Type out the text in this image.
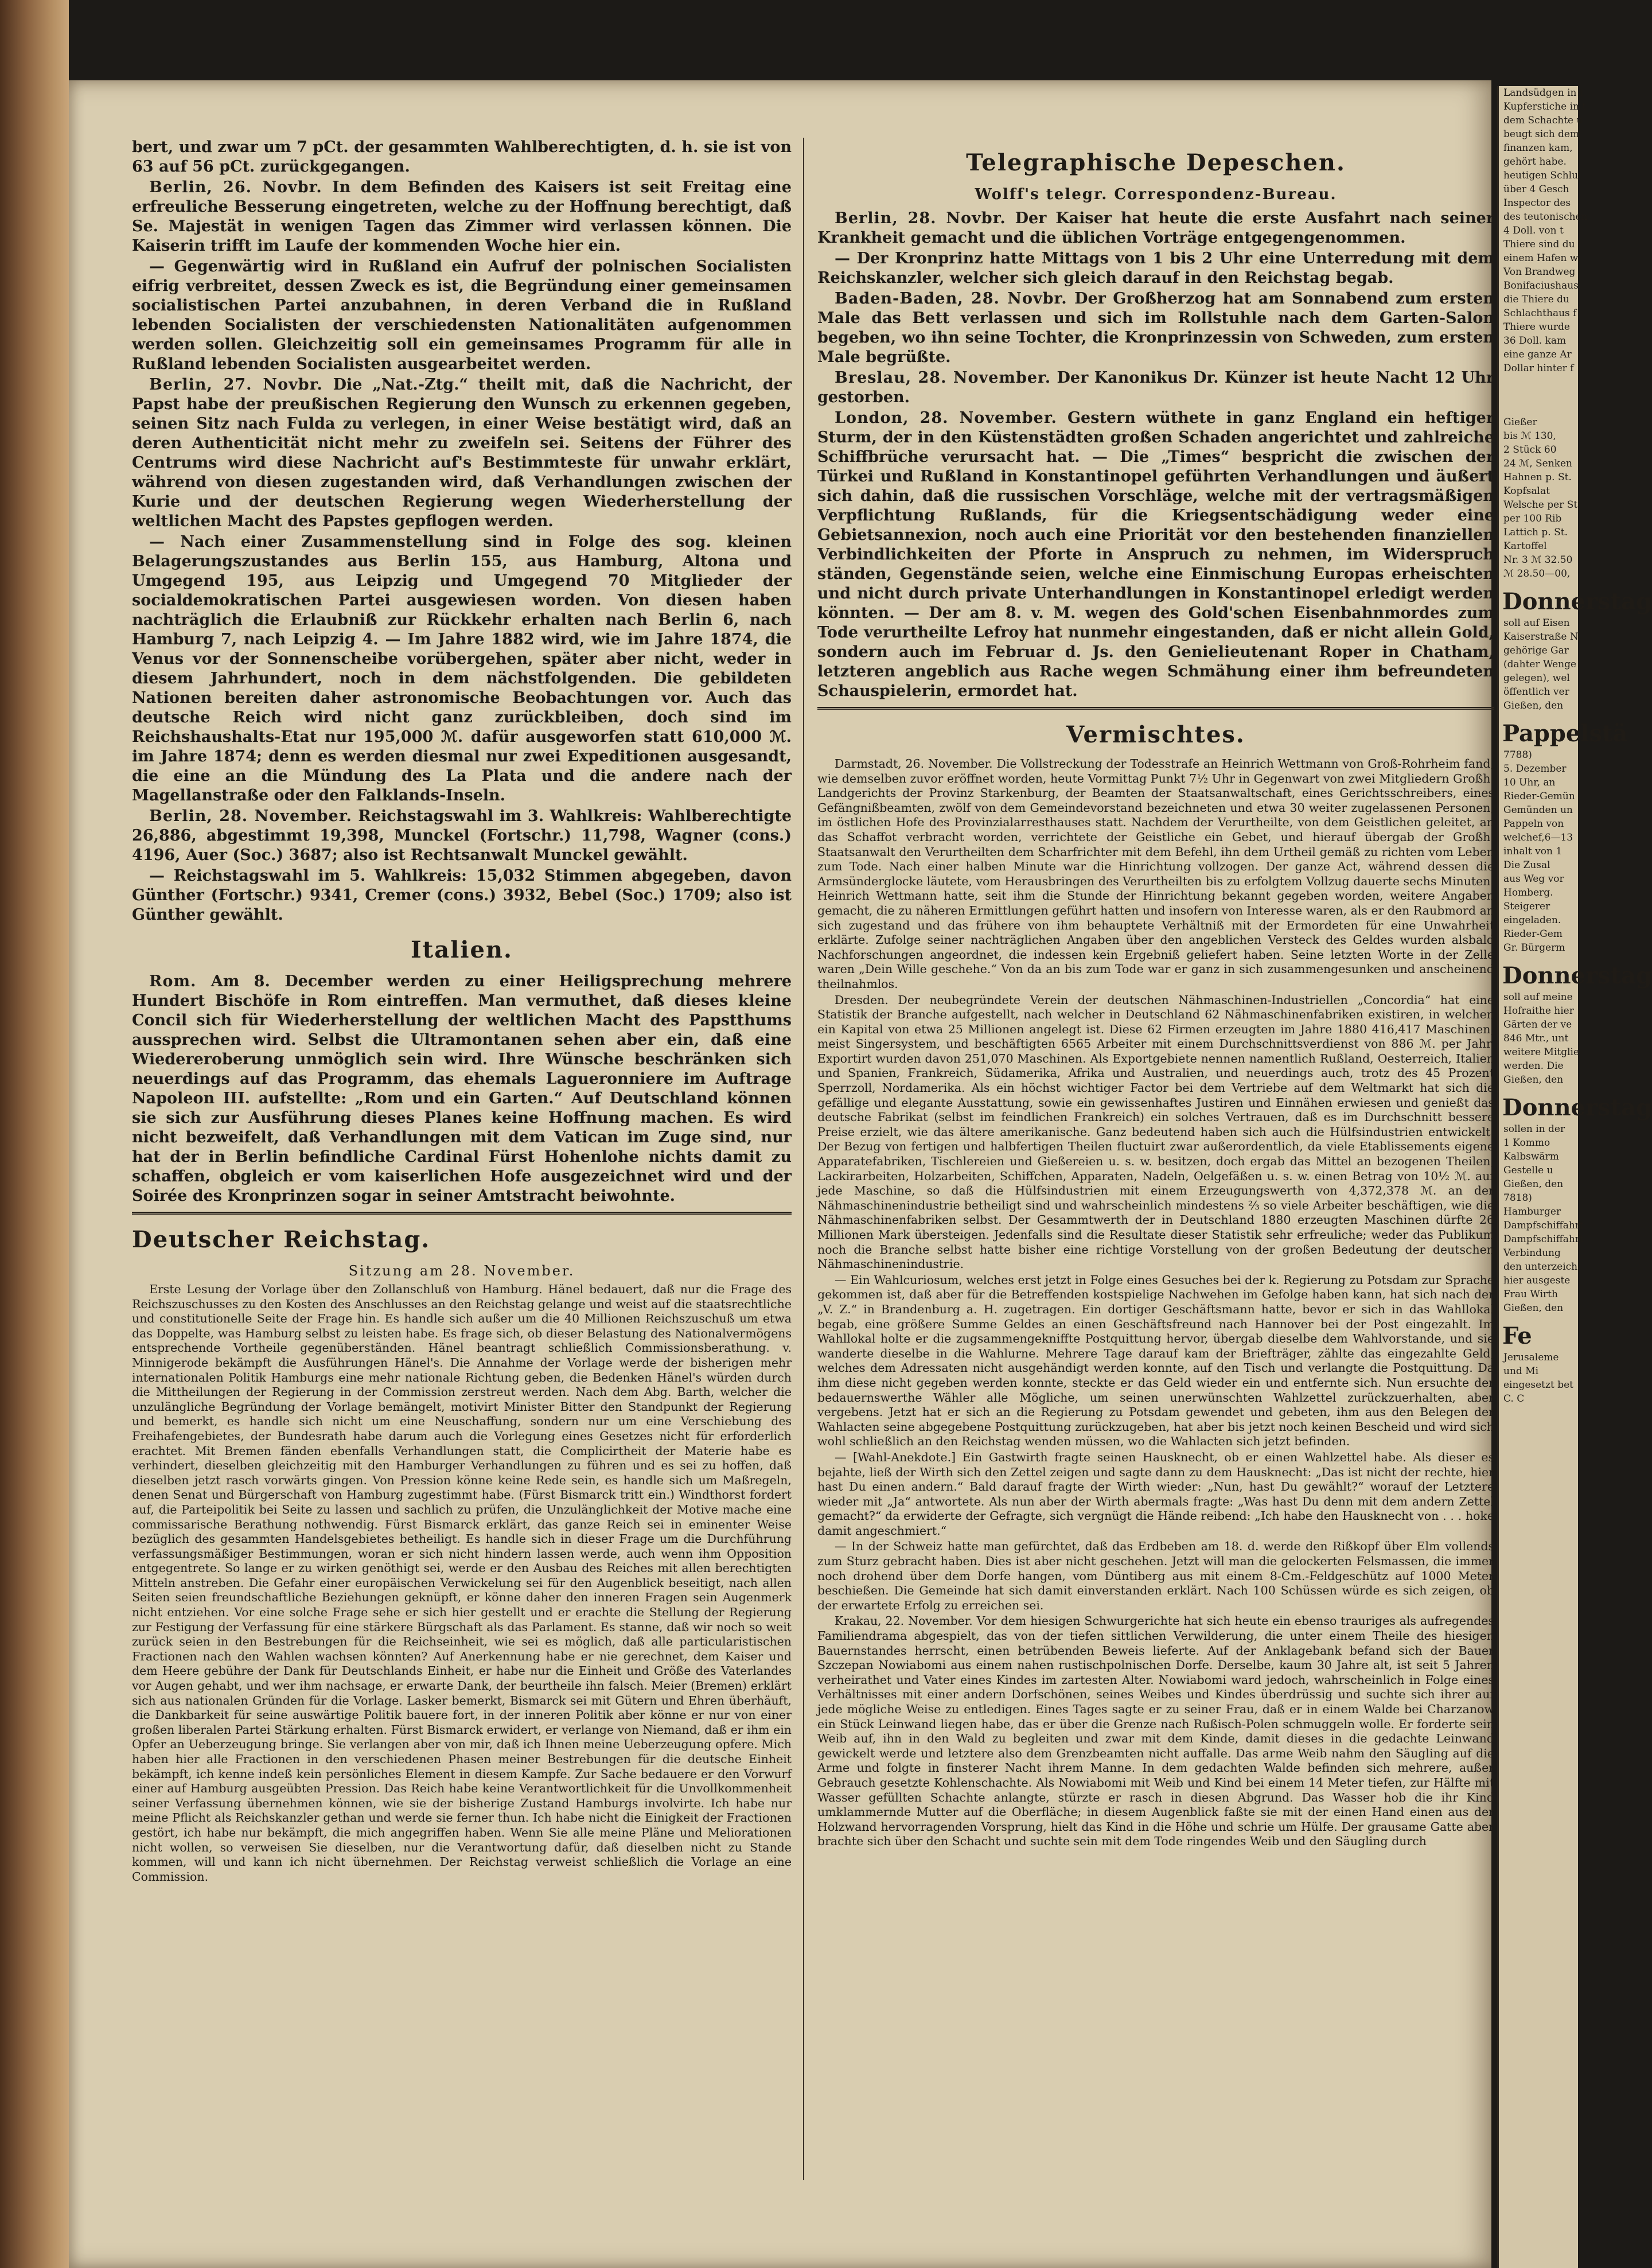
bert, und zwar um 7 pCt. der gesammten Wahlberechtigten, d. h. sie ist von 63 auf 56 pCt. zurückgegangen.

Berlin, 26. Novbr. In dem Befinden des Kaisers ist seit Freitag eine erfreuliche Besserung eingetreten, welche zu der Hoffnung berechtigt, daß Se. Majestät in wenigen Tagen das Zimmer wird verlassen können. Die Kaiserin trifft im Laufe der kommenden Woche hier ein.

— Gegenwärtig wird in Rußland ein Aufruf der polnischen Socialisten eifrig verbreitet, dessen Zweck es ist, die Begründung einer gemeinsamen socialistischen Partei anzubahnen, in deren Verband die in Rußland lebenden Socialisten der verschiedensten Nationalitäten aufgenommen werden sollen. Gleichzeitig soll ein gemeinsames Programm für alle in Rußland lebenden Socialisten ausgearbeitet werden.

Berlin, 27. Novbr. Die „Nat.-Ztg.“ theilt mit, daß die Nachricht, der Papst habe der preußischen Regierung den Wunsch zu erkennen gegeben, seinen Sitz nach Fulda zu verlegen, in einer Weise bestätigt wird, daß an deren Authenticität nicht mehr zu zweifeln sei. Seitens der Führer des Centrums wird diese Nachricht auf's Bestimmteste für unwahr erklärt, während von diesen zugestanden wird, daß Verhandlungen zwischen der Kurie und der deutschen Regierung wegen Wiederherstellung der weltlichen Macht des Papstes gepflogen werden.

— Nach einer Zusammenstellung sind in Folge des sog. kleinen Belagerungszustandes aus Berlin 155, aus Hamburg, Altona und Umgegend 195, aus Leipzig und Umgegend 70 Mitglieder der socialdemokratischen Partei ausgewiesen worden. Von diesen haben nachträglich die Erlaubniß zur Rückkehr erhalten nach Berlin 6, nach Hamburg 7, nach Leipzig 4. — Im Jahre 1882 wird, wie im Jahre 1874, die Venus vor der Sonnenscheibe vorübergehen, später aber nicht, weder in diesem Jahrhundert, noch in dem nächstfolgenden. Die gebildeten Nationen bereiten daher astronomische Beobachtungen vor. Auch das deutsche Reich wird nicht ganz zurückbleiben, doch sind im Reichshaushalts-Etat nur 195,000 ℳ. dafür ausgeworfen statt 610,000 ℳ. im Jahre 1874; denn es werden diesmal nur zwei Expeditionen ausgesandt, die eine an die Mündung des La Plata und die andere nach der Magellanstraße oder den Falklands-Inseln.

Berlin, 28. November. Reichstagswahl im 3. Wahlkreis: Wahlberechtigte 26,886, abgestimmt 19,398, Munckel (Fortschr.) 11,798, Wagner (cons.) 4196, Auer (Soc.) 3687; also ist Rechtsanwalt Munckel gewählt.

— Reichstagswahl im 5. Wahlkreis: 15,032 Stimmen abgegeben, davon Günther (Fortschr.) 9341, Cremer (cons.) 3932, Bebel (Soc.) 1709; also ist Günther gewählt.

Italien.

Rom. Am 8. December werden zu einer Heiligsprechung mehrere Hundert Bischöfe in Rom eintreffen. Man vermuthet, daß dieses kleine Concil sich für Wiederherstellung der weltlichen Macht des Papstthums aussprechen wird. Selbst die Ultramontanen sehen aber ein, daß eine Wiedereroberung unmöglich sein wird. Ihre Wünsche beschränken sich neuerdings auf das Programm, das ehemals Lagueronniere im Auftrage Napoleon III. aufstellte: „Rom und ein Garten.“ Auf Deutschland können sie sich zur Ausführung dieses Planes keine Hoffnung machen. Es wird nicht bezweifelt, daß Verhandlungen mit dem Vatican im Zuge sind, nur hat der in Berlin befindliche Cardinal Fürst Hohenlohe nichts damit zu schaffen, obgleich er vom kaiserlichen Hofe ausgezeichnet wird und der Soirée des Kronprinzen sogar in seiner Amtstracht beiwohnte.

Deutscher Reichstag.
Sitzung am 28. November.

Erste Lesung der Vorlage über den Zollanschluß von Hamburg. Hänel bedauert, daß nur die Frage des Reichszuschusses zu den Kosten des Anschlusses an den Reichstag gelange und weist auf die staatsrechtliche und constitutionelle Seite der Frage hin. Es handle sich außer um die 40 Millionen Reichszuschuß um etwa das Doppelte, was Hamburg selbst zu leisten habe. Es frage sich, ob dieser Belastung des Nationalvermögens entsprechende Vortheile gegenüberständen. Hänel beantragt schließlich Commissionsberathung. v. Minnigerode bekämpft die Ausführungen Hänel's. Die Annahme der Vorlage werde der bisherigen mehr internationalen Politik Hamburgs eine mehr nationale Richtung geben, die Bedenken Hänel's würden durch die Mittheilungen der Regierung in der Commission zerstreut werden. Nach dem Abg. Barth, welcher die unzulängliche Begründung der Vorlage bemängelt, motivirt Minister Bitter den Standpunkt der Regierung und bemerkt, es handle sich nicht um eine Neuschaffung, sondern nur um eine Verschiebung des Freihafengebietes, der Bundesrath habe darum auch die Vorlegung eines Gesetzes nicht für erforderlich erachtet. Mit Bremen fänden ebenfalls Verhandlungen statt, die Complicirtheit der Materie habe es verhindert, dieselben gleichzeitig mit den Hamburger Verhandlungen zu führen und es sei zu hoffen, daß dieselben jetzt rasch vorwärts gingen. Von Pression könne keine Rede sein, es handle sich um Maßregeln, denen Senat und Bürgerschaft von Hamburg zugestimmt habe. (Fürst Bismarck tritt ein.) Windthorst fordert auf, die Parteipolitik bei Seite zu lassen und sachlich zu prüfen, die Unzulänglichkeit der Motive mache eine commissarische Berathung nothwendig. Fürst Bismarck erklärt, das ganze Reich sei in eminenter Weise bezüglich des gesammten Handelsgebietes betheiligt. Es handle sich in dieser Frage um die Durchführung verfassungsmäßiger Bestimmungen, woran er sich nicht hindern lassen werde, auch wenn ihm Opposition entgegentrete. So lange er zu wirken genöthigt sei, werde er den Ausbau des Reiches mit allen berechtigten Mitteln anstreben. Die Gefahr einer europäischen Verwickelung sei für den Augenblick beseitigt, nach allen Seiten seien freundschaftliche Beziehungen geknüpft, er könne daher den inneren Fragen sein Augenmerk nicht entziehen. Vor eine solche Frage sehe er sich hier gestellt und er erachte die Stellung der Regierung zur Festigung der Verfassung für eine stärkere Bürgschaft als das Parlament. Es stanne, daß wir noch so weit zurück seien in den Bestrebungen für die Reichseinheit, wie sei es möglich, daß alle particularistischen Fractionen nach den Wahlen wachsen könnten? Auf Anerkennung habe er nie gerechnet, dem Kaiser und dem Heere gebühre der Dank für Deutschlands Einheit, er habe nur die Einheit und Größe des Vaterlandes vor Augen gehabt, und wer ihm nachsage, er erwarte Dank, der beurtheile ihn falsch. Meier (Bremen) erklärt sich aus nationalen Gründen für die Vorlage. Lasker bemerkt, Bismarck sei mit Gütern und Ehren überhäuft, die Dankbarkeit für seine auswärtige Politik bauere fort, in der inneren Politik aber könne er nur von einer großen liberalen Partei Stärkung erhalten. Fürst Bismarck erwidert, er verlange von Niemand, daß er ihm ein Opfer an Ueberzeugung bringe. Sie verlangen aber von mir, daß ich Ihnen meine Ueberzeugung opfere. Mich haben hier alle Fractionen in den verschiedenen Phasen meiner Bestrebungen für die deutsche Einheit bekämpft, ich kenne indeß kein persönliches Element in diesem Kampfe. Zur Sache bedauere er den Vorwurf einer auf Hamburg ausgeübten Pression. Das Reich habe keine Verantwortlichkeit für die Unvollkommenheit seiner Verfassung übernehmen können, wie sie der bisherige Zustand Hamburgs involvirte. Ich habe nur meine Pflicht als Reichskanzler gethan und werde sie ferner thun. Ich habe nicht die Einigkeit der Fractionen gestört, ich habe nur bekämpft, die mich angegriffen haben. Wenn Sie alle meine Pläne und Meliorationen nicht wollen, so verweisen Sie dieselben, nur die Verantwortung dafür, daß dieselben nicht zu Stande kommen, will und kann ich nicht übernehmen. Der Reichstag verweist schließlich die Vorlage an eine Commission.

Telegraphische Depeschen.
Wolff's telegr. Correspondenz-Bureau.

Berlin, 28. Novbr. Der Kaiser hat heute die erste Ausfahrt nach seiner Krankheit gemacht und die üblichen Vorträge entgegengenommen.

— Der Kronprinz hatte Mittags von 1 bis 2 Uhr eine Unterredung mit dem Reichskanzler, welcher sich gleich darauf in den Reichstag begab.

Baden-Baden, 28. Novbr. Der Großherzog hat am Sonnabend zum ersten Male das Bett verlassen und sich im Rollstuhle nach dem Garten-Salon begeben, wo ihn seine Tochter, die Kronprinzessin von Schweden, zum ersten Male begrüßte.

Breslau, 28. November. Der Kanonikus Dr. Künzer ist heute Nacht 12 Uhr gestorben.

London, 28. November. Gestern wüthete in ganz England ein heftiger Sturm, der in den Küstenstädten großen Schaden angerichtet und zahlreiche Schiffbrüche verursacht hat. — Die „Times“ bespricht die zwischen der Türkei und Rußland in Konstantinopel geführten Verhandlungen und äußert sich dahin, daß die russischen Vorschläge, welche mit der vertragsmäßigen Verpflichtung Rußlands, für die Kriegsentschädigung weder eine Gebietsannexion, noch auch eine Priorität vor den bestehenden finanziellen Verbindlichkeiten der Pforte in Anspruch zu nehmen, im Widerspruch ständen, Gegenstände seien, welche eine Einmischung Europas erheischten und nicht durch private Unterhandlungen in Konstantinopel erledigt werden könnten. — Der am 8. v. M. wegen des Gold'schen Eisenbahnmordes zum Tode verurtheilte Lefroy hat nunmehr eingestanden, daß er nicht allein Gold, sondern auch im Februar d. Js. den Genielieutenant Roper in Chatham, letzteren angeblich aus Rache wegen Schmähung einer ihm befreundeten Schauspielerin, ermordet hat.

Vermischtes.

Darmstadt, 26. November. Die Vollstreckung der Todesstrafe an Heinrich Wettmann von Groß-Rohrheim fand, wie demselben zuvor eröffnet worden, heute Vormittag Punkt 7½ Uhr in Gegenwart von zwei Mitgliedern Großh. Landgerichts der Provinz Starkenburg, der Beamten der Staatsanwaltschaft, eines Gerichtsschreibers, eines Gefängnißbeamten, zwölf von dem Gemeindevorstand bezeichneten und etwa 30 weiter zugelassenen Personen, im östlichen Hofe des Provinzialarresthauses statt. Nachdem der Verurtheilte, von dem Geistlichen geleitet, an das Schaffot verbracht worden, verrichtete der Geistliche ein Gebet, und hierauf übergab der Großh. Staatsanwalt den Verurtheilten dem Scharfrichter mit dem Befehl, ihn dem Urtheil gemäß zu richten vom Leben zum Tode. Nach einer halben Minute war die Hinrichtung vollzogen. Der ganze Act, während dessen die Armsünderglocke läutete, vom Herausbringen des Verurtheilten bis zu erfolgtem Vollzug dauerte sechs Minuten. Heinrich Wettmann hatte, seit ihm die Stunde der Hinrichtung bekannt gegeben worden, weitere Angaben gemacht, die zu näheren Ermittlungen geführt hatten und insofern von Interesse waren, als er den Raubmord an sich zugestand und das frühere von ihm behauptete Verhältniß mit der Ermordeten für eine Unwahrheit erklärte. Zufolge seiner nachträglichen Angaben über den angeblichen Versteck des Geldes wurden alsbald Nachforschungen angeordnet, die indessen kein Ergebniß geliefert haben. Seine letzten Worte in der Zelle waren „Dein Wille geschehe.“ Von da an bis zum Tode war er ganz in sich zusammengesunken und anscheinend theilnahmlos.

Dresden. Der neubegründete Verein der deutschen Nähmaschinen-Industriellen „Concordia“ hat eine Statistik der Branche aufgestellt, nach welcher in Deutschland 62 Nähmaschinenfabriken existiren, in welchen ein Kapital von etwa 25 Millionen angelegt ist. Diese 62 Firmen erzeugten im Jahre 1880 416,417 Maschinen, meist Singersystem, und beschäftigten 6565 Arbeiter mit einem Durchschnittsverdienst von 886 ℳ. per Jahr. Exportirt wurden davon 251,070 Maschinen. Als Exportgebiete nennen namentlich Rußland, Oesterreich, Italien und Spanien, Frankreich, Südamerika, Afrika und Australien, und neuerdings auch, trotz des 45 Prozent Sperrzoll, Nordamerika. Als ein höchst wichtiger Factor bei dem Vertriebe auf dem Weltmarkt hat sich die gefällige und elegante Ausstattung, sowie ein gewissenhaftes Justiren und Einnähen erwiesen und genießt das deutsche Fabrikat (selbst im feindlichen Frankreich) ein solches Vertrauen, daß es im Durchschnitt bessere Preise erzielt, wie das ältere amerikanische. Ganz bedeutend haben sich auch die Hülfsindustrien entwickelt. Der Bezug von fertigen und halbfertigen Theilen fluctuirt zwar außerordentlich, da viele Etablissements eigene Apparatefabriken, Tischlereien und Gießereien u. s. w. besitzen, doch ergab das Mittel an bezogenen Theilen, Lackirarbeiten, Holzarbeiten, Schiffchen, Apparaten, Nadeln, Oelgefäßen u. s. w. einen Betrag von 10½ ℳ. auf jede Maschine, so daß die Hülfsindustrien mit einem Erzeugungswerth von 4,372,378 ℳ. an der Nähmaschinenindustrie betheiligt sind und wahrscheinlich mindestens ⅔ so viele Arbeiter beschäftigen, wie die Nähmaschinenfabriken selbst. Der Gesammtwerth der in Deutschland 1880 erzeugten Maschinen dürfte 26 Millionen Mark übersteigen. Jedenfalls sind die Resultate dieser Statistik sehr erfreuliche; weder das Publikum noch die Branche selbst hatte bisher eine richtige Vorstellung von der großen Bedeutung der deutschen Nähmaschinenindustrie.

— Ein Wahlcuriosum, welches erst jetzt in Folge eines Gesuches bei der k. Regierung zu Potsdam zur Sprache gekommen ist, daß aber für die Betreffenden kostspielige Nachwehen im Gefolge haben kann, hat sich nach der „V. Z.“ in Brandenburg a. H. zugetragen. Ein dortiger Geschäftsmann hatte, bevor er sich in das Wahllokal begab, eine größere Summe Geldes an einen Geschäftsfreund nach Hannover bei der Post eingezahlt. Im Wahllokal holte er die zugsammengekniffte Postquittung hervor, übergab dieselbe dem Wahlvorstande, und sie wanderte dieselbe in die Wahlurne. Mehrere Tage darauf kam der Briefträger, zählte das eingezahlte Geld, welches dem Adressaten nicht ausgehändigt werden konnte, auf den Tisch und verlangte die Postquittung. Da ihm diese nicht gegeben werden konnte, steckte er das Geld wieder ein und entfernte sich. Nun ersuchte der bedauernswerthe Wähler alle Mögliche, um seinen unerwünschten Wahlzettel zurückzuerhalten, aber vergebens. Jetzt hat er sich an die Regierung zu Potsdam gewendet und gebeten, ihm aus den Belegen der Wahlacten seine abgegebene Postquittung zurückzugeben, hat aber bis jetzt noch keinen Bescheid und wird sich wohl schließlich an den Reichstag wenden müssen, wo die Wahlacten sich jetzt befinden.

— [Wahl-Anekdote.] Ein Gastwirth fragte seinen Hausknecht, ob er einen Wahlzettel habe. Als dieser es bejahte, ließ der Wirth sich den Zettel zeigen und sagte dann zu dem Hausknecht: „Das ist nicht der rechte, hier hast Du einen andern.“ Bald darauf fragte der Wirth wieder: „Nun, hast Du gewählt?“ worauf der Letztere wieder mit „Ja“ antwortete. Als nun aber der Wirth abermals fragte: „Was hast Du denn mit dem andern Zettel gemacht?“ da erwiderte der Gefragte, sich vergnügt die Hände reibend: „Ich habe den Hausknecht von . . . hoke damit angeschmiert.“

— In der Schweiz hatte man gefürchtet, daß das Erdbeben am 18. d. werde den Rißkopf über Elm vollends zum Sturz gebracht haben. Dies ist aber nicht geschehen. Jetzt will man die gelockerten Felsmassen, die immer noch drohend über dem Dorfe hangen, vom Düntiberg aus mit einem 8-Cm.-Feldgeschütz auf 1000 Meter beschießen. Die Gemeinde hat sich damit einverstanden erklärt. Nach 100 Schüssen würde es sich zeigen, ob der erwartete Erfolg zu erreichen sei.

Krakau, 22. November. Vor dem hiesigen Schwurgerichte hat sich heute ein ebenso trauriges als aufregendes Familiendrama abgespielt, das von der tiefen sittlichen Verwilderung, die unter einem Theile des hiesigen Bauernstandes herrscht, einen betrübenden Beweis lieferte. Auf der Anklagebank befand sich der Bauer Szczepan Nowiabomi aus einem nahen rustischpolnischen Dorfe. Derselbe, kaum 30 Jahre alt, ist seit 5 Jahren verheirathet und Vater eines Kindes im zartesten Alter. Nowiabomi ward jedoch, wahrscheinlich in Folge eines Verhältnisses mit einer andern Dorfschönen, seines Weibes und Kindes überdrüssig und suchte sich ihrer auf jede mögliche Weise zu entledigen. Eines Tages sagte er zu seiner Frau, daß er in einem Walde bei Charzanow ein Stück Leinwand liegen habe, das er über die Grenze nach Rußisch-Polen schmuggeln wolle. Er forderte sein Weib auf, ihn in den Wald zu begleiten und zwar mit dem Kinde, damit dieses in die gedachte Leinwand gewickelt werde und letztere also dem Grenzbeamten nicht auffalle. Das arme Weib nahm den Säugling auf die Arme und folgte in finsterer Nacht ihrem Manne. In dem gedachten Walde befinden sich mehrere, außer Gebrauch gesetzte Kohlenschachte. Als Nowiabomi mit Weib und Kind bei einem 14 Meter tiefen, zur Hälfte mit Wasser gefüllten Schachte anlangte, stürzte er rasch in diesen Abgrund. Das Wasser hob die ihr Kind umklammernde Mutter auf die Oberfläche; in diesem Augenblick faßte sie mit der einen Hand einen aus der Holzwand hervorragenden Vorsprung, hielt das Kind in die Höhe und schrie um Hülfe. Der grausame Gatte aber brachte sich über den Schacht und suchte sein mit dem Tode ringendes Weib und den Säugling durch

Landsüdgen in t
Kupferstiche in t
dem Schachte u
beugt sich dem
finanzen kam,
gehört habe.
heutigen Schlu
über 4 Gesch
Inspector des
des teutonischen
4 Doll. von t
Thiere sind du
einem Hafen w
Von Brandweg
Bonifaciushaus
die Thiere du
Schlachthaus f
Thiere wurde
36 Doll. kam
eine ganze Ar
Dollar hinter f
Gießer
bis ℳ 130,
2 Stück 60
24 ℳ, Senken
Hahnen p. St.
Kopfsalat
Welsche per St
per 100 Rib
Lattich p. St.
Kartoffel
Nr. 3 ℳ 32.50
ℳ 28.50—00,
Donnerstag
soll auf Eisen
Kaiserstraße N
gehörige Gar
(dahter Wenge
gelegen), wel
öffentlich ver
Gießen, den
Pappelstä
7788)
5. Dezember
10 Uhr, an
Rieder-Gemün
Gemünden un
Pappeln von
welchef,6—13
inhalt von 1
Die Zusal
aus Weg vor
Homberg.
Steigerer
eingeladen.
Rieder-Gem
Gr. Bürgerm
Donnerstag
soll auf meine
Hofraithe hier
Gärten der ve
846 Mtr., unt
weitere Mitglie
werden. Die
Gießen, den
Donnerstag
sollen in der
1 Kommo
Kalbswärm
Gestelle u
Gießen, den
7818)
Hamburger
Dampfschiffahrt
Dampfschiffahrt
Verbindung
den unterzeich
hier ausgeste
Frau Wirth
Gießen, den
Fe
Jerusaleme
und Mi
eingesetzt bet
C. C
